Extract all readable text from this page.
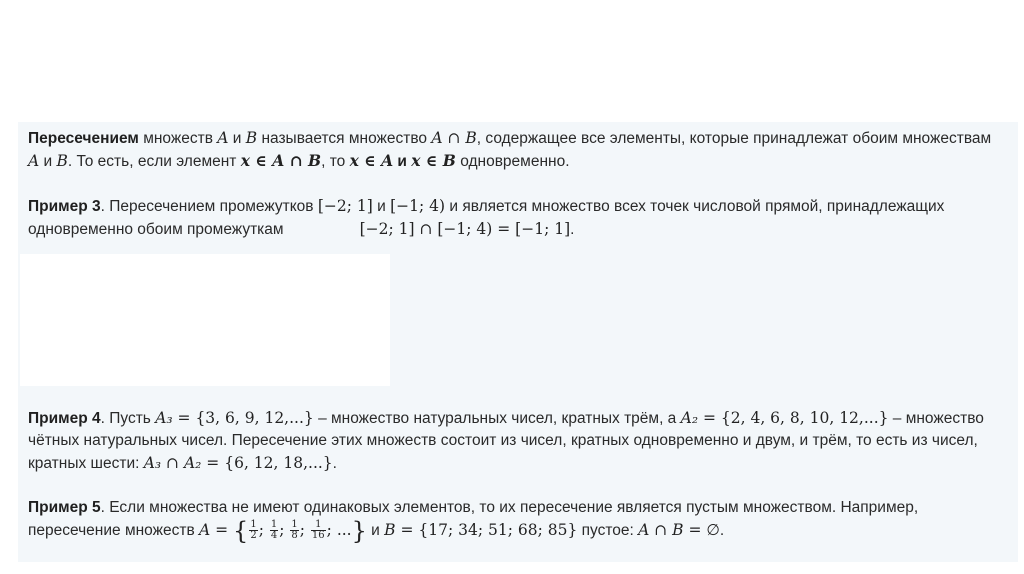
Пересечением множеств A и B называется множество A ∩ B, содержащее все элементы, которые принадлежат обоим множествам A и B. То есть, если элемент x ∈ A ∩ B, то x ∈ A и x ∈ B одновременно.

Пример 3. Пересечением промежутков [−2; 1] и [−1; 4) и является множество всех точек числовой прямой, принадлежащих одновременно обоим промежуткам	[−2; 1] ∩ [−1; 4) = [−1; 1].

Пример 4. Пусть A₃ = {3, 6, 9, 12,...} – множество натуральных чисел, кратных трём, а A₂ = {2, 4, 6, 8, 10, 12,...} – множество чётных натуральных чисел. Пересечение этих множеств состоит из чисел, кратных одновременно и двум, и трём, то есть из чисел, кратных шести: A₃ ∩ A₂ = {6, 12, 18,...}.

Пример 5. Если множества не имеют одинаковых элементов, то их пересечение является пустым множеством. Например, пересечение множеств A = { $\frac{1}{2}$ ; $\frac{1}{4}$ ; $\frac{1}{8}$ ; $\frac{1}{16}$ ; ...} и B = {17; 34; 51; 68; 85} пустое: A ∩ B = ∅.
